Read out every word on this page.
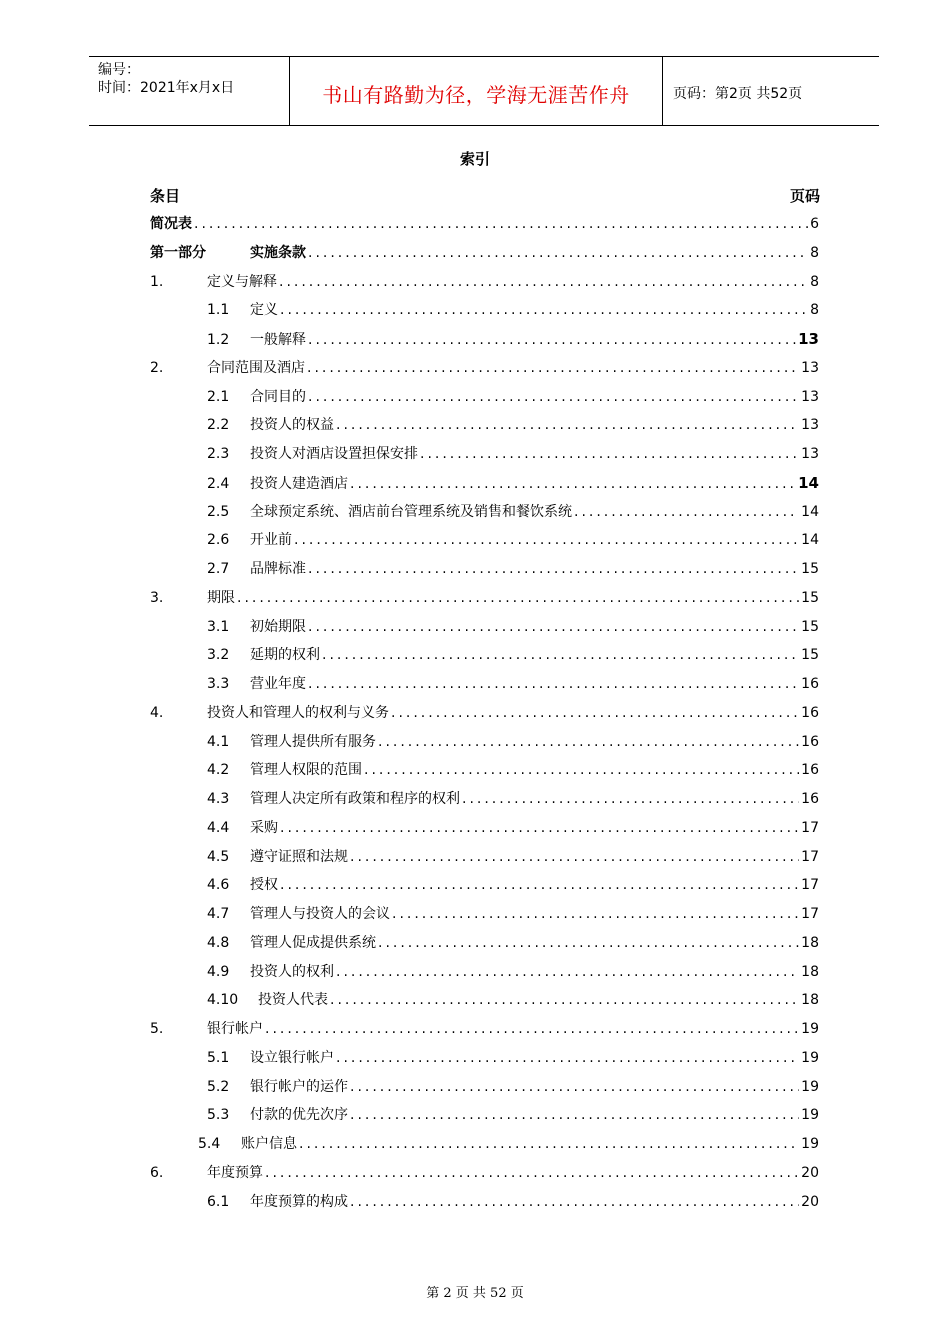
编号：
时间：2021年x月x日	书山有路勤为径，学海无涯苦作舟	页码：第2页 共52页
索引
条目	页码
简况表 .....	6
第一部分	实施条款 .....	8
1.	定义与解释 .....	8
1.1	定义 .....	8
1.2	一般解释 .....	13
2.	合同范围及酒店 .....	13
2.1	合同目的 .....	13
2.2	投资人的权益 .....	13
2.3	投资人对酒店设置担保安排 .....	13
2.4	投资人建造酒店 .....	14
2.5	全球预定系统、酒店前台管理系统及销售和餐饮系统 .....	14
2.6	开业前 .....	14
2.7	品牌标准 .....	15
3.	期限 .....	15
3.1	初始期限 .....	15
3.2	延期的权利 .....	15
3.3	营业年度 .....	16
4.	投资人和管理人的权利与义务 .....	16
4.1	管理人提供所有服务 .....	16
4.2	管理人权限的范围 .....	16
4.3	管理人决定所有政策和程序的权利 .....	16
4.4	采购 .....	17
4.5	遵守证照和法规 .....	17
4.6	授权 .....	17
4.7	管理人与投资人的会议 .....	17
4.8	管理人促成提供系统 .....	18
4.9	投资人的权利 .....	18
4.10	投资人代表 .....	18
5.	银行帐户 .....	19
5.1	设立银行帐户 .....	19
5.2	银行帐户的运作 .....	19
5.3	付款的优先次序 .....	19
5.4	账户信息 .....	19
6.	年度预算 .....	20
6.1	年度预算的构成 .....	20
第 2 页 共 52 页
